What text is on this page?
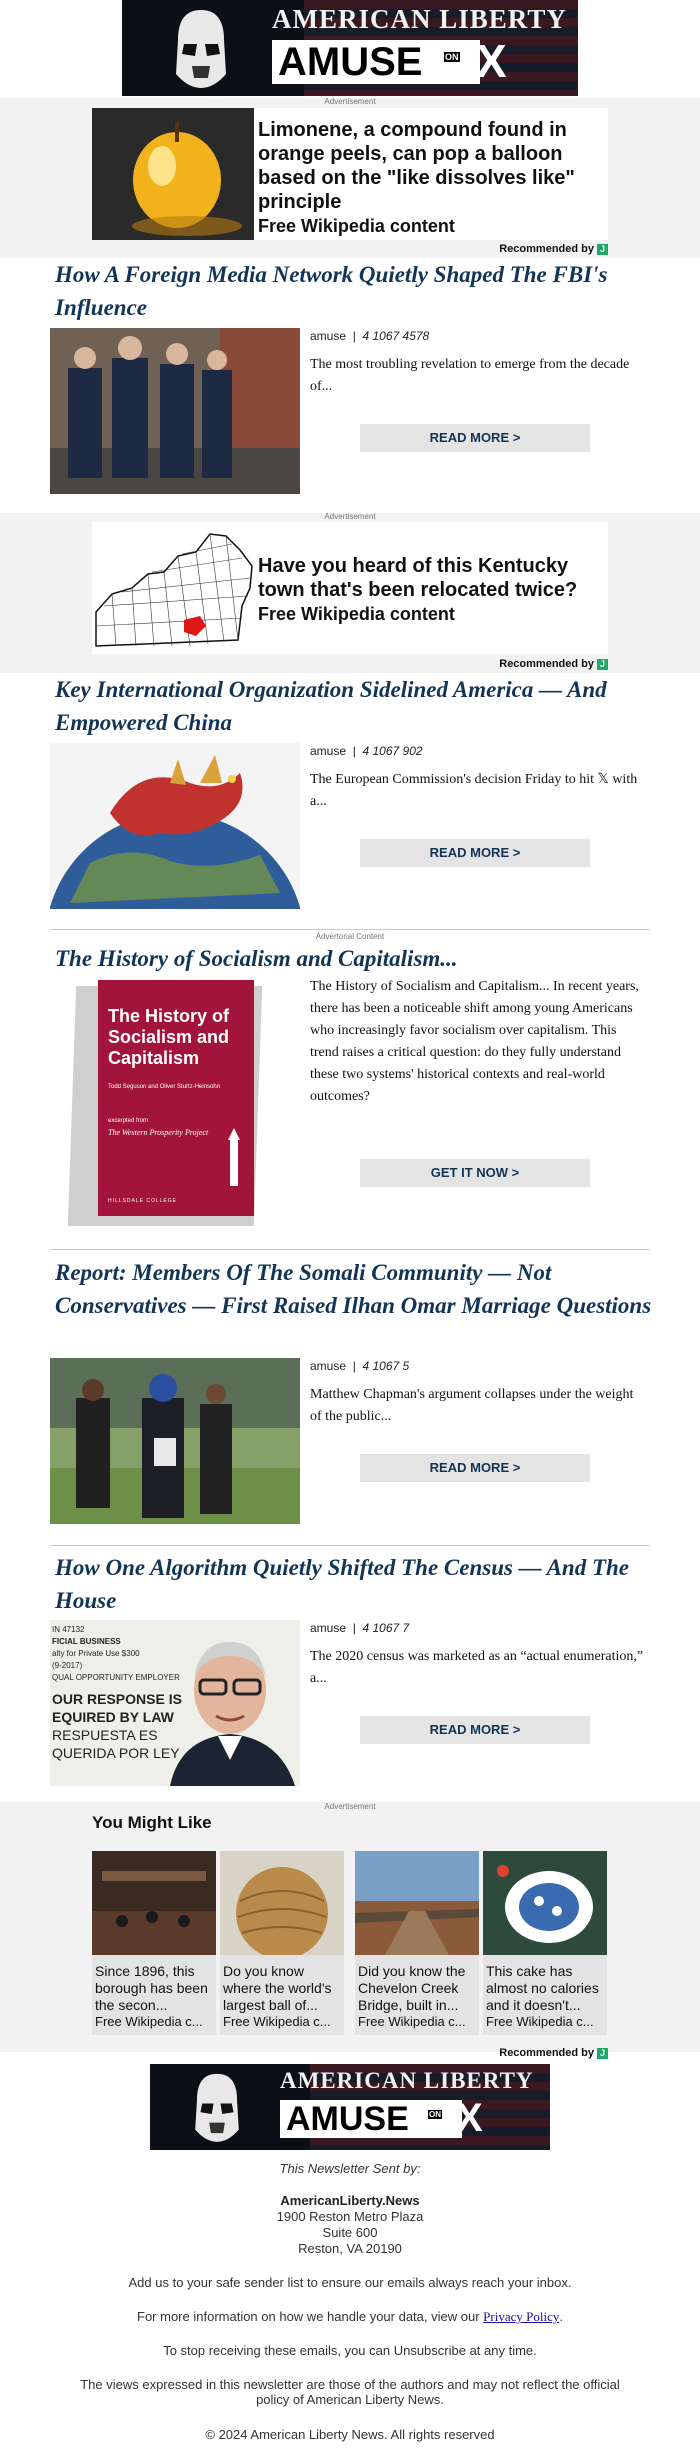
AMERICAN LIBERTY
AMUSE	ON X
Advertisement
Limonene, a compound found in orange peels, can pop a balloon based on the "like dissolves like" principle
Free Wikipedia content
Recommended by J
How A Foreign Media Network Quietly Shaped The FBI's Influence
amuse | 4 1067 4578
The most troubling revelation to emerge from the decade of...
READ MORE >
Advertisement
Have you heard of this Kentucky town that's been relocated twice?
Free Wikipedia content
Recommended by J
Key International Organization Sidelined America — And Empowered China
amuse | 4 1067 902
The European Commission's decision Friday to hit 𝕏 with a...
READ MORE >
Advertorial Content
The History of Socialism and Capitalism...
The History of Socialism and Capitalism
Todd Seguson and Oliver Sturtz-Heinsohn
excerpted from
The Western Prosperity Project
HILLSDALE COLLEGE
The History of Socialism and Capitalism... In recent years, there has been a noticeable shift among young Americans who increasingly favor socialism over capitalism. This trend raises a critical question: do they fully understand these two systems' historical contexts and real-world outcomes?
GET IT NOW >
Report: Members Of The Somali Community — Not Conservatives — First Raised Ilhan Omar Marriage Questions
amuse | 4 1067 5
Matthew Chapman's argument collapses under the weight of the public...
READ MORE >
How One Algorithm Quietly Shifted The Census — And The House
IN 47132
FICIAL BUSINESS
alty for Private Use $300
(9-2017)
QUAL OPPORTUNITY EMPLOYER
OUR RESPONSE IS
EQUIRED BY LAW
RESPUESTA ES
QUERIDA POR LEY
amuse | 4 1067 7
The 2020 census was marketed as an “actual enumeration,” a...
READ MORE >
Advertisement
You Might Like
Since 1896, this borough has been the secon...
Free Wikipedia c...
Do you know where the world's largest ball of...
Free Wikipedia c...
Did you know the Chevelon Creek Bridge, built in...
Free Wikipedia c...
This cake has almost no calories and it doesn't...
Free Wikipedia c...
Recommended by J
AMERICAN LIBERTY
AMUSE	ON X
This Newsletter Sent by:
AmericanLiberty.News
1900 Reston Metro Plaza
Suite 600
Reston, VA 20190
Add us to your safe sender list to ensure our emails always reach your inbox.
For more information on how we handle your data, view our Privacy Policy.
To stop receiving these emails, you can Unsubscribe at any time.
The views expressed in this newsletter are those of the authors and may not reflect the official policy of American Liberty News.
© 2024 American Liberty News. All rights reserved
